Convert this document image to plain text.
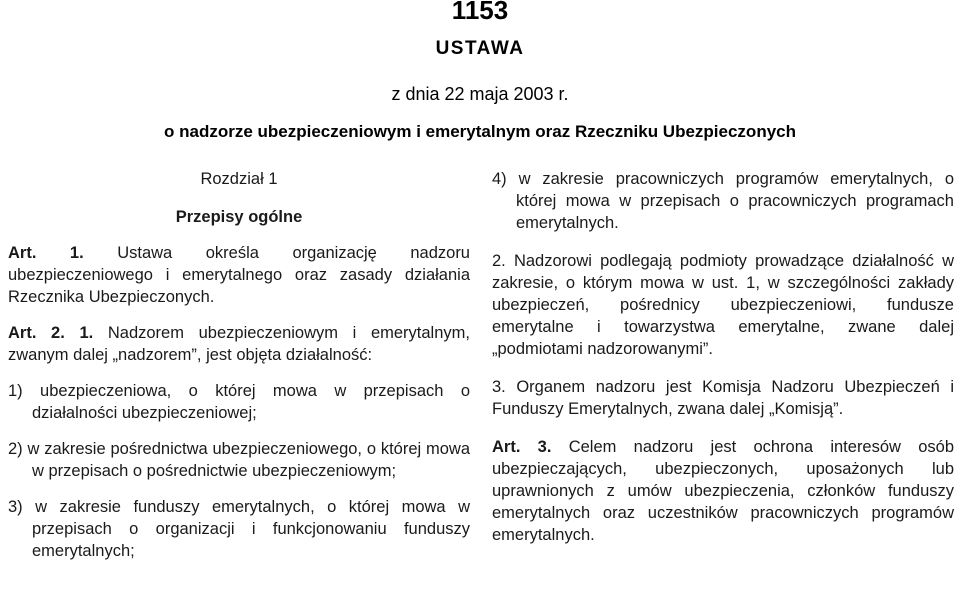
1153
USTAWA
z dnia 22 maja 2003 r.
o nadzorze ubezpieczeniowym i emerytalnym oraz Rzeczniku Ubezpieczonych
Rozdział 1
Przepisy ogólne

Art. 1. Ustawa określa organizację nadzoru ubezpieczeniowego i emerytalnego oraz zasady działania Rzecznika Ubezpieczonych.

Art. 2. 1. Nadzorem ubezpieczeniowym i emerytalnym, zwanym dalej „nadzorem”, jest objęta działalność:

1) ubezpieczeniowa, o której mowa w przepisach o działalności ubezpieczeniowej;
2) w zakresie pośrednictwa ubezpieczeniowego, o której mowa w przepisach o pośrednictwie ubezpieczeniowym;
3) w zakresie funduszy emerytalnych, o której mowa w przepisach o organizacji i funkcjonowaniu funduszy emerytalnych;
4) w zakresie pracowniczych programów emerytalnych, o której mowa w przepisach o pracowniczych programach emerytalnych.

2. Nadzorowi podlegają podmioty prowadzące działalność w zakresie, o którym mowa w ust. 1, w szczególności zakłady ubezpieczeń, pośrednicy ubezpieczeniowi, fundusze emerytalne i towarzystwa emerytalne, zwane dalej „podmiotami nadzorowanymi”.

3. Organem nadzoru jest Komisja Nadzoru Ubezpieczeń i Funduszy Emerytalnych, zwana dalej „Komisją”.

Art. 3. Celem nadzoru jest ochrona interesów osób ubezpieczających, ubezpieczonych, uposażonych lub uprawnionych z umów ubezpieczenia, członków funduszy emerytalnych oraz uczestników pracowniczych programów emerytalnych.
